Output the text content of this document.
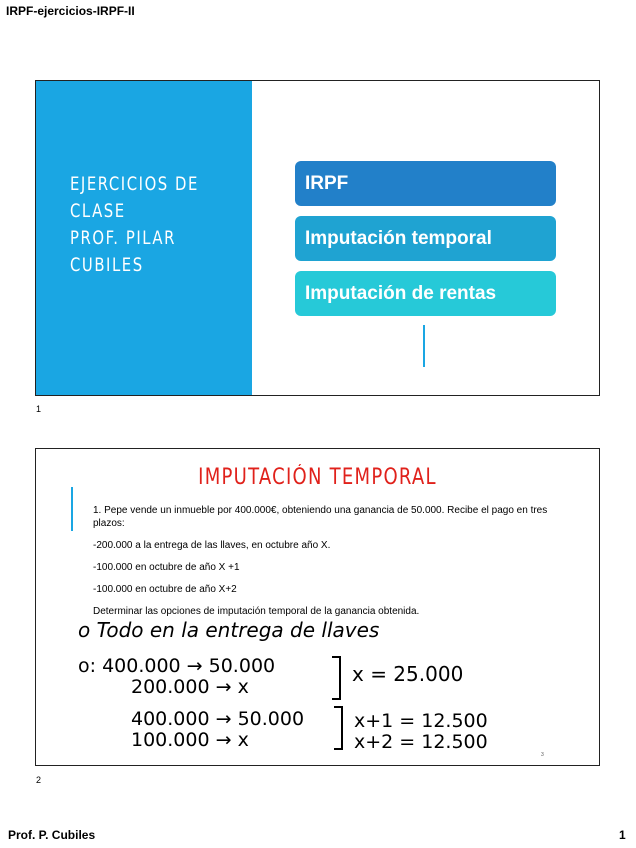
IRPF-ejercicios-IRPF-II
EJERCICIOS DE
CLASE
PROF. PILAR
CUBILES
IRPF
Imputación temporal
Imputación de rentas
1
IMPUTACIÓN TEMPORAL

1. Pepe vende un inmueble por 400.000€, obteniendo una ganancia de 50.000. Recibe el pago en tres plazos:

-200.000 a la entrega de las llaves, en octubre año X.

-100.000 en octubre de año X +1

-100.000 en octubre de año X+2

Determinar las opciones de imputación temporal de la ganancia obtenida.

o Todo en la entrega de llaves
o: 400.000 → 50.000
200.000 → x
x = 25.000
400.000 → 50.000
100.000 → x
x+1 = 12.500
x+2 = 12.500
3
2
Prof. P. Cubiles	1
